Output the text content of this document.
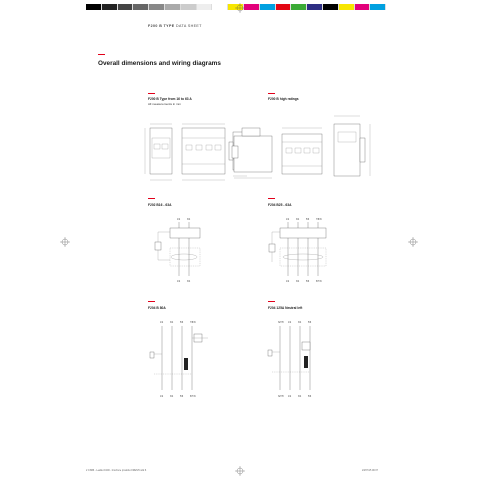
F200 B TYPE DATA SHEET
Overall dimensions and wiring diagrams
F200 B Type from 16 to 63 A
All measurements in mm
F200 B high ratings
F202 B16 - 63A
1/2	3/4
1/2	3/4
F204 B25 - 63A
1/2	3/4	5/6	7/8/N
1/2	3/4	5/6	8/7/N
F204 B 80A
1/2	3/4	5/6	7/8/N
1/2	3/4	5/6	8/7/N
F204 125A Neutral left
N/7/8	1/2	3/4	5/6
N/7/8	1/2	3/4	5/6
2 CSB6 - Leaflet F200 - brochure prodotto FRENT.indd 6	23/07/15 09:37
